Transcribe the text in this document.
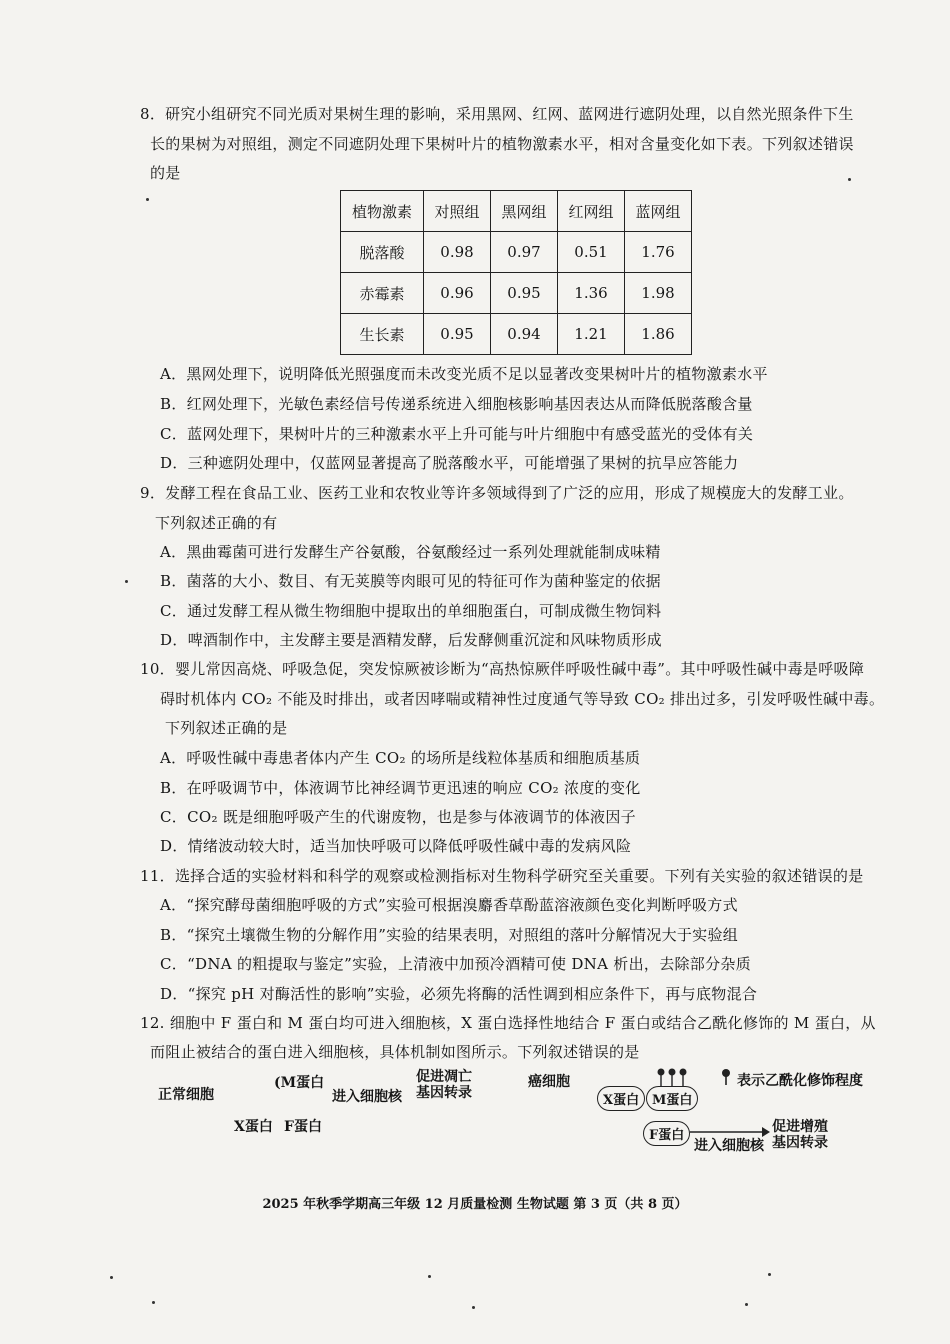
8．研究小组研究不同光质对果树生理的影响，采用黑网、红网、蓝网进行遮阴处理，以自然光照条件下生
长的果树为对照组，测定不同遮阴处理下果树叶片的植物激素水平，相对含量变化如下表。下列叙述错误
的是
植物激素	对照组	黑网组	红网组	蓝网组
脱落酸	0.98	0.97	0.51	1.76
赤霉素	0.96	0.95	1.36	1.98
生长素	0.95	0.94	1.21	1.86
A．黑网处理下，说明降低光照强度而未改变光质不足以显著改变果树叶片的植物激素水平
B．红网处理下，光敏色素经信号传递系统进入细胞核影响基因表达从而降低脱落酸含量
C．蓝网处理下，果树叶片的三种激素水平上升可能与叶片细胞中有感受蓝光的受体有关
D．三种遮阴处理中，仅蓝网显著提高了脱落酸水平，可能增强了果树的抗旱应答能力
9．发酵工程在食品工业、医药工业和农牧业等许多领域得到了广泛的应用，形成了规模庞大的发酵工业。
下列叙述正确的有
A．黑曲霉菌可进行发酵生产谷氨酸，谷氨酸经过一系列处理就能制成味精
B．菌落的大小、数目、有无荚膜等肉眼可见的特征可作为菌种鉴定的依据
C．通过发酵工程从微生物细胞中提取出的单细胞蛋白，可制成微生物饲料
D．啤酒制作中，主发酵主要是酒精发酵，后发酵侧重沉淀和风味物质形成
10．婴儿常因高烧、呼吸急促，突发惊厥被诊断为“高热惊厥伴呼吸性碱中毒”。其中呼吸性碱中毒是呼吸障
碍时机体内 CO₂ 不能及时排出，或者因哮喘或精神性过度通气等导致 CO₂ 排出过多，引发呼吸性碱中毒。
下列叙述正确的是
A．呼吸性碱中毒患者体内产生 CO₂ 的场所是线粒体基质和细胞质基质
B．在呼吸调节中，体液调节比神经调节更迅速的响应 CO₂ 浓度的变化
C．CO₂ 既是细胞呼吸产生的代谢废物，也是参与体液调节的体液因子
D．情绪波动较大时，适当加快呼吸可以降低呼吸性碱中毒的发病风险
11．选择合适的实验材料和科学的观察或检测指标对生物科学研究至关重要。下列有关实验的叙述错误的是
A．“探究酵母菌细胞呼吸的方式”实验可根据溴麝香草酚蓝溶液颜色变化判断呼吸方式
B．“探究土壤微生物的分解作用”实验的结果表明，对照组的落叶分解情况大于实验组
C．“DNA 的粗提取与鉴定”实验，上清液中加预冷酒精可使 DNA 析出，去除部分杂质
D．“探究 pH 对酶活性的影响”实验，必须先将酶的活性调到相应条件下，再与底物混合
12. 细胞中 F 蛋白和 M 蛋白均可进入细胞核，X 蛋白选择性地结合 F 蛋白或结合乙酰化修饰的 M 蛋白，从
而阻止被结合的蛋白进入细胞核，具体机制如图所示。下列叙述错误的是
正常细胞
(M蛋白
进入细胞核
促进凋亡
基因转录
X蛋白 F蛋白
癌细胞	表示乙酰化修饰程度
X蛋白 M蛋白
F蛋白
进入细胞核
促进增殖
基因转录
2025 年秋季学期高三年级 12 月质量检测 生物试题 第 3 页（共 8 页）
